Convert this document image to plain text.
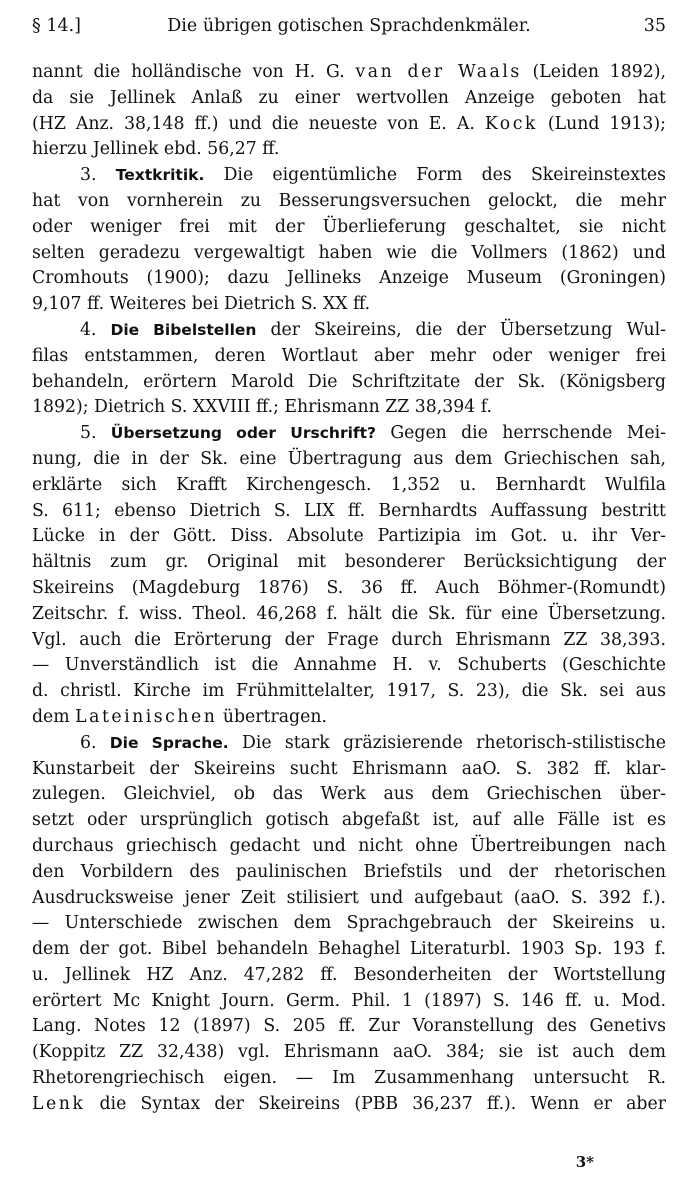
§ 14.]	Die übrigen gotischen Sprachdenkmäler.	35
nannt die holländische von H. G. van der Waals (Leiden 1892),
da sie Jellinek Anlaß zu einer wertvollen Anzeige geboten hat
(HZ Anz. 38,148 ff.) und die neueste von E. A. Kock (Lund 1913);
hierzu Jellinek ebd. 56,27 ff.
3. Textkritik. Die eigentümliche Form des Skeireinstextes
hat von vornherein zu Besserungsversuchen gelockt, die mehr
oder weniger frei mit der Überlieferung geschaltet, sie nicht
selten geradezu vergewaltigt haben wie die Vollmers (1862) und
Cromhouts (1900); dazu Jellineks Anzeige Museum (Groningen)
9,107 ff. Weiteres bei Dietrich S. XX ff.
4. Die Bibelstellen der Skeireins, die der Übersetzung Wul-
filas entstammen, deren Wortlaut aber mehr oder weniger frei
behandeln, erörtern Marold Die Schriftzitate der Sk. (Königsberg
1892); Dietrich S. XXVIII ff.; Ehrismann ZZ 38,394 f.
5. Übersetzung oder Urschrift? Gegen die herrschende Mei-
nung, die in der Sk. eine Übertragung aus dem Griechischen sah,
erklärte sich Krafft Kirchengesch. 1,352 u. Bernhardt Wulfila
S. 611; ebenso Dietrich S. LIX ff. Bernhardts Auffassung bestritt
Lücke in der Gött. Diss. Absolute Partizipia im Got. u. ihr Ver-
hältnis zum gr. Original mit besonderer Berücksichtigung der
Skeireins (Magdeburg 1876) S. 36 ff. Auch Böhmer-(Romundt)
Zeitschr. f. wiss. Theol. 46,268 f. hält die Sk. für eine Übersetzung.
Vgl. auch die Erörterung der Frage durch Ehrismann ZZ 38,393.
— Unverständlich ist die Annahme H. v. Schuberts (Geschichte
d. christl. Kirche im Frühmittelalter, 1917, S. 23), die Sk. sei aus
dem Lateinischen übertragen.
6. Die Sprache. Die stark gräzisierende rhetorisch-stilistische
Kunstarbeit der Skeireins sucht Ehrismann aaO. S. 382 ff. klar-
zulegen. Gleichviel, ob das Werk aus dem Griechischen über-
setzt oder ursprünglich gotisch abgefaßt ist, auf alle Fälle ist es
durchaus griechisch gedacht und nicht ohne Übertreibungen nach
den Vorbildern des paulinischen Briefstils und der rhetorischen
Ausdrucksweise jener Zeit stilisiert und aufgebaut (aaO. S. 392 f.).
— Unterschiede zwischen dem Sprachgebrauch der Skeireins u.
dem der got. Bibel behandeln Behaghel Literaturbl. 1903 Sp. 193 f.
u. Jellinek HZ Anz. 47,282 ff. Besonderheiten der Wortstellung
erörtert Mc Knight Journ. Germ. Phil. 1 (1897) S. 146 ff. u. Mod.
Lang. Notes 12 (1897) S. 205 ff. Zur Voranstellung des Genetivs
(Koppitz ZZ 32,438) vgl. Ehrismann aaO. 384; sie ist auch dem
Rhetorengriechisch eigen. — Im Zusammenhang untersucht R.
Lenk die Syntax der Skeireins (PBB 36,237 ff.). Wenn er aber
3*
